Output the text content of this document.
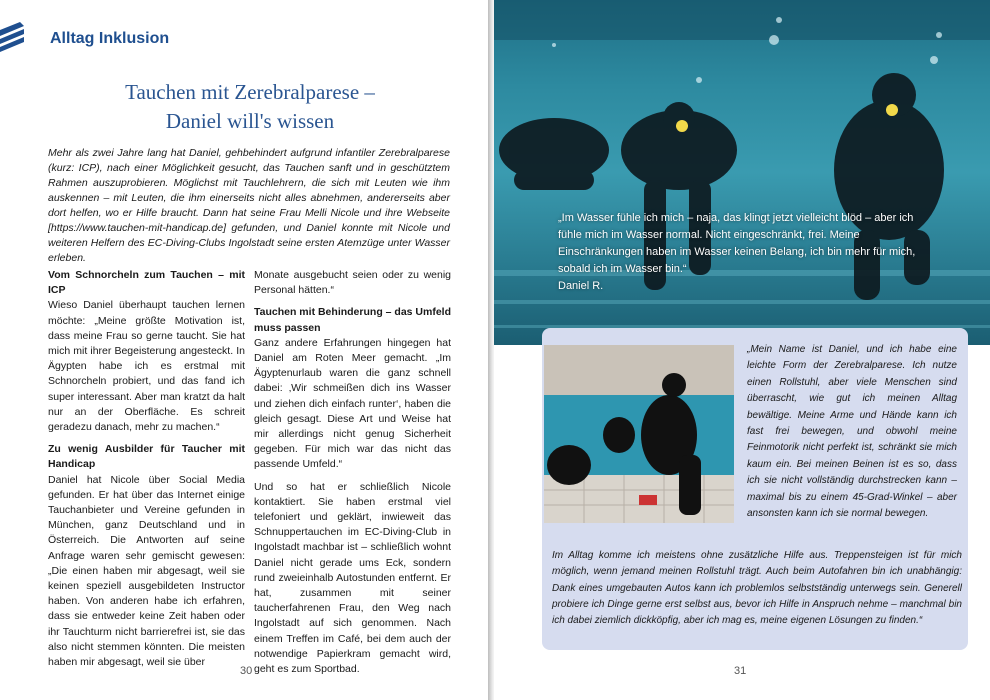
Alltag Inklusion
Tauchen mit Zerebralparese –
Daniel will's wissen
Mehr als zwei Jahre lang hat Daniel, gehbehindert aufgrund infantiler Zerebralparese (kurz: ICP), nach einer Möglichkeit gesucht, das Tauchen sanft und in geschütztem Rahmen auszuprobieren. Möglichst mit Tauchlehrern, die sich mit Leuten wie ihm auskennen – mit Leuten, die ihm einerseits nicht alles abnehmen, andererseits aber dort helfen, wo er Hilfe braucht. Dann hat seine Frau Melli Nicole und ihre Webseite [https://www.tauchen-mit-handicap.de] gefunden, und Daniel konnte mit Nicole und weiteren Helfern des EC-Diving-Clubs Ingolstadt seine ersten Atemzüge unter Wasser erleben.
Vom Schnorcheln zum Tauchen – mit ICP

Wieso Daniel überhaupt tauchen lernen möchte: „Meine größte Motivation ist, dass meine Frau so gerne taucht. Sie hat mich mit ihrer Begeisterung angesteckt. In Ägypten habe ich es erstmal mit Schnorcheln probiert, und das fand ich super interessant. Aber man kratzt da halt nur an der Oberfläche. Es schreit geradezu danach, mehr zu machen.“

Zu wenig Ausbilder für Taucher mit Handicap

Daniel hat Nicole über Social Media gefunden. Er hat über das Internet einige Tauchanbieter und Vereine gefunden in München, ganz Deutschland und in Österreich. Die Antworten auf seine Anfrage waren sehr gemischt gewesen: „Die einen haben mir abgesagt, weil sie keinen speziell ausgebildeten Instructor haben. Von anderen habe ich erfahren, dass sie entweder keine Zeit haben oder ihr Tauchturm nicht barrierefrei ist, sie das also nicht stemmen könnten. Die meisten haben mir abgesagt, weil sie über

Monate ausgebucht seien oder zu wenig Personal hätten.“

Tauchen mit Behinderung – das Umfeld muss passen

Ganz andere Erfahrungen hingegen hat Daniel am Roten Meer gemacht. „Im Ägyptenurlaub waren die ganz schnell dabei: ‚Wir schmeißen dich ins Wasser und ziehen dich einfach runter‘, haben die gleich gesagt. Diese Art und Weise hat mir allerdings nicht genug Sicherheit gegeben. Für mich war das nicht das passende Umfeld.“

Und so hat er schließlich Nicole kontaktiert. Sie haben erstmal viel telefoniert und geklärt, inwieweit das Schnuppertauchen im EC-Diving-Club in Ingolstadt machbar ist – schließlich wohnt Daniel nicht gerade ums Eck, sondern rund zweieinhalb Autostunden entfernt. Er hat, zusammen mit seiner taucherfahrenen Frau, den Weg nach Ingolstadt auf sich genommen. Nach einem Treffen im Café, bei dem auch der notwendige Papierkram gemacht wird, geht es zum Sportbad.

30
„Im Wasser fühle ich mich – naja, das klingt jetzt vielleicht blöd – aber ich fühle mich im Wasser normal. Nicht eingeschränkt, frei. Meine Einschränkungen haben im Wasser keinen Belang, ich bin mehr für mich, sobald ich im Wasser bin.“
Daniel R.
„Mein Name ist Daniel, und ich habe eine leichte Form der Zerebralparese. Ich nutze einen Rollstuhl, aber viele Menschen sind überrascht, wie gut ich meinen Alltag bewältige. Meine Arme und Hände kann ich fast frei bewegen, und obwohl meine Feinmotorik nicht perfekt ist, schränkt sie mich kaum ein. Bei meinen Beinen ist es so, dass ich sie nicht vollständig durchstrecken kann – maximal bis zu einem 45-Grad-Winkel – aber ansonsten kann ich sie normal bewegen.
Im Alltag komme ich meistens ohne zusätzliche Hilfe aus. Treppensteigen ist für mich möglich, wenn jemand meinen Rollstuhl trägt. Auch beim Autofahren bin ich unabhängig: Dank eines umgebauten Autos kann ich problemlos selbstständig unterwegs sein. Generell probiere ich Dinge gerne erst selbst aus, bevor ich Hilfe in Anspruch nehme – manchmal bin ich dabei ziemlich dickköpfig, aber ich mag es, meine eigenen Lösungen zu finden.“
31
